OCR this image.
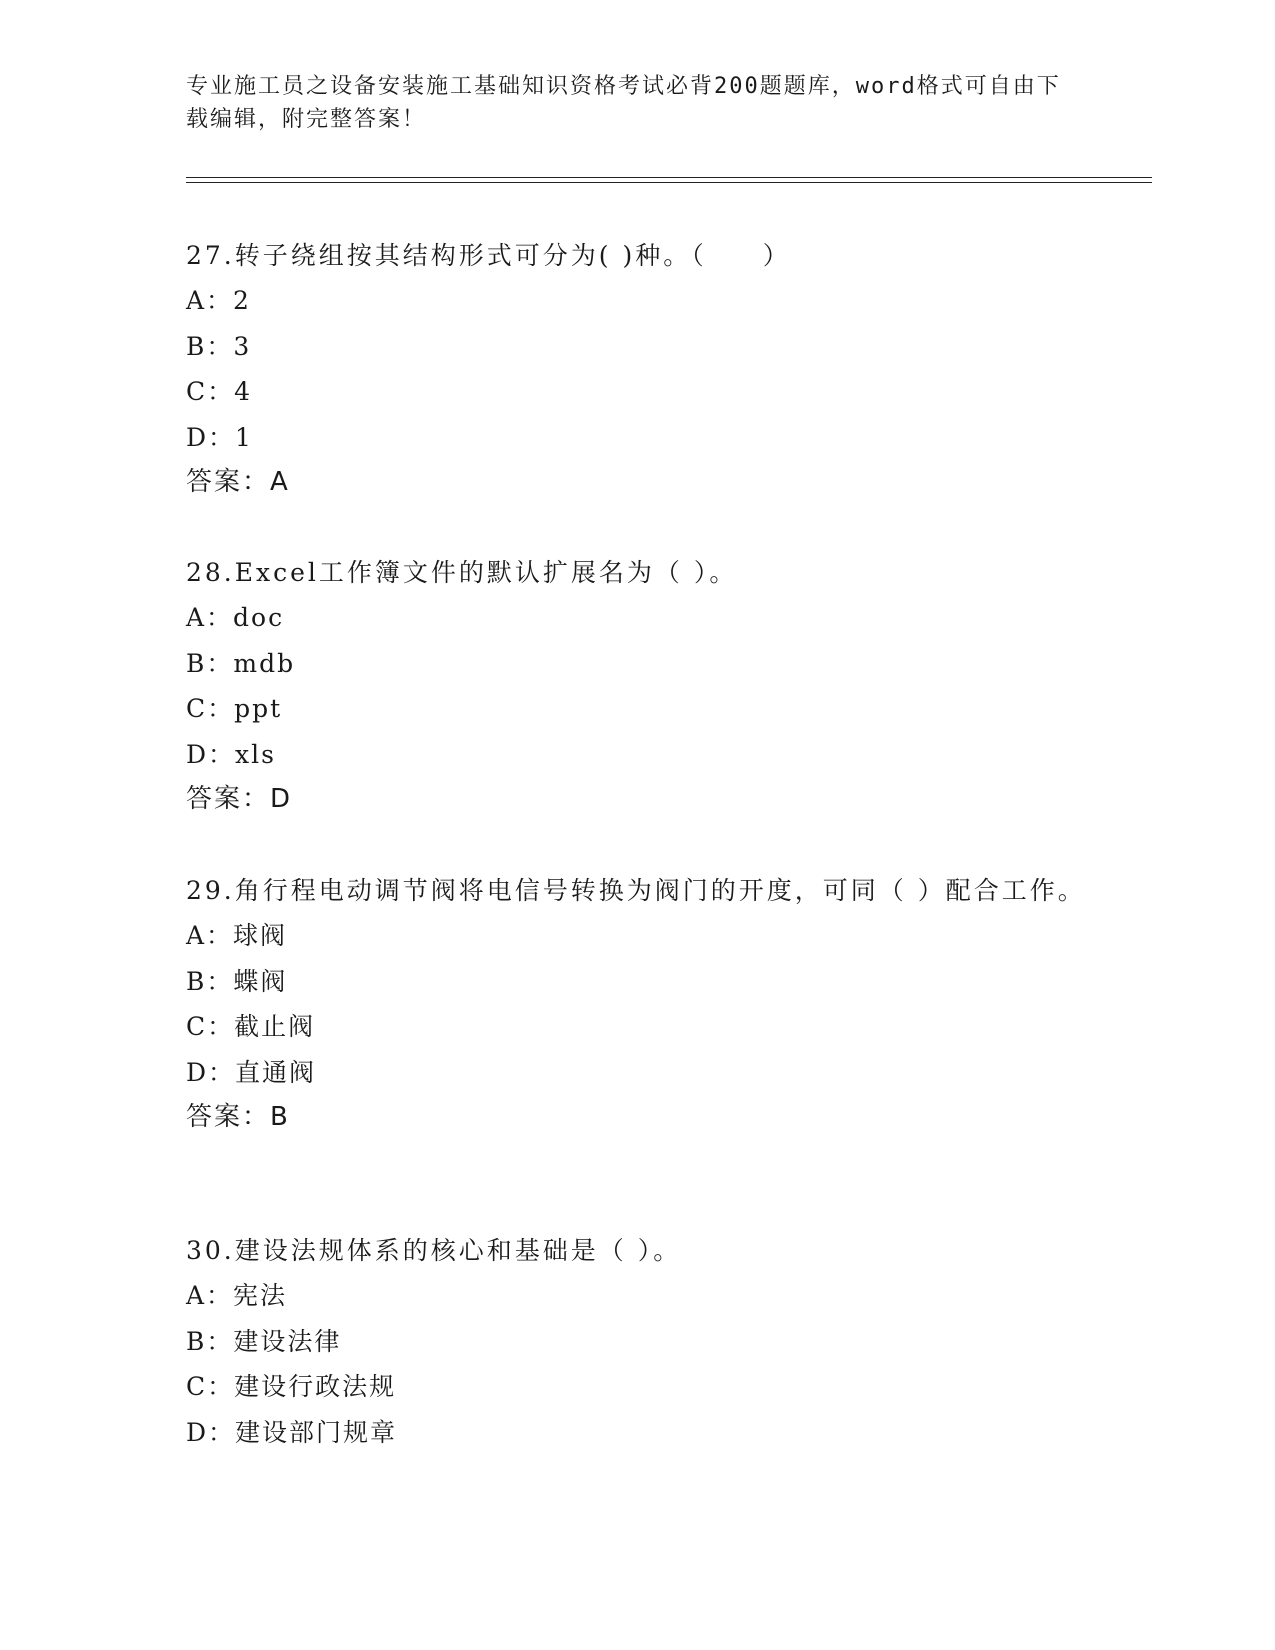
专业施工员之设备安装施工基础知识资格考试必背200题题库，word格式可自由下载编辑，附完整答案！
27.转子绕组按其结构形式可分为( )种。（　　）
A：2
B：3
C：4
D：1
答案：A
28.Excel工作簿文件的默认扩展名为（ ）。
A：doc
B：mdb
C：ppt
D：xls
答案：D
29.角行程电动调节阀将电信号转换为阀门的开度，可同（ ）配合工作。
A：球阀
B：蝶阀
C：截止阀
D：直通阀
答案：B
30.建设法规体系的核心和基础是（ ）。
A：宪法
B：建设法律
C：建设行政法规
D：建设部门规章
